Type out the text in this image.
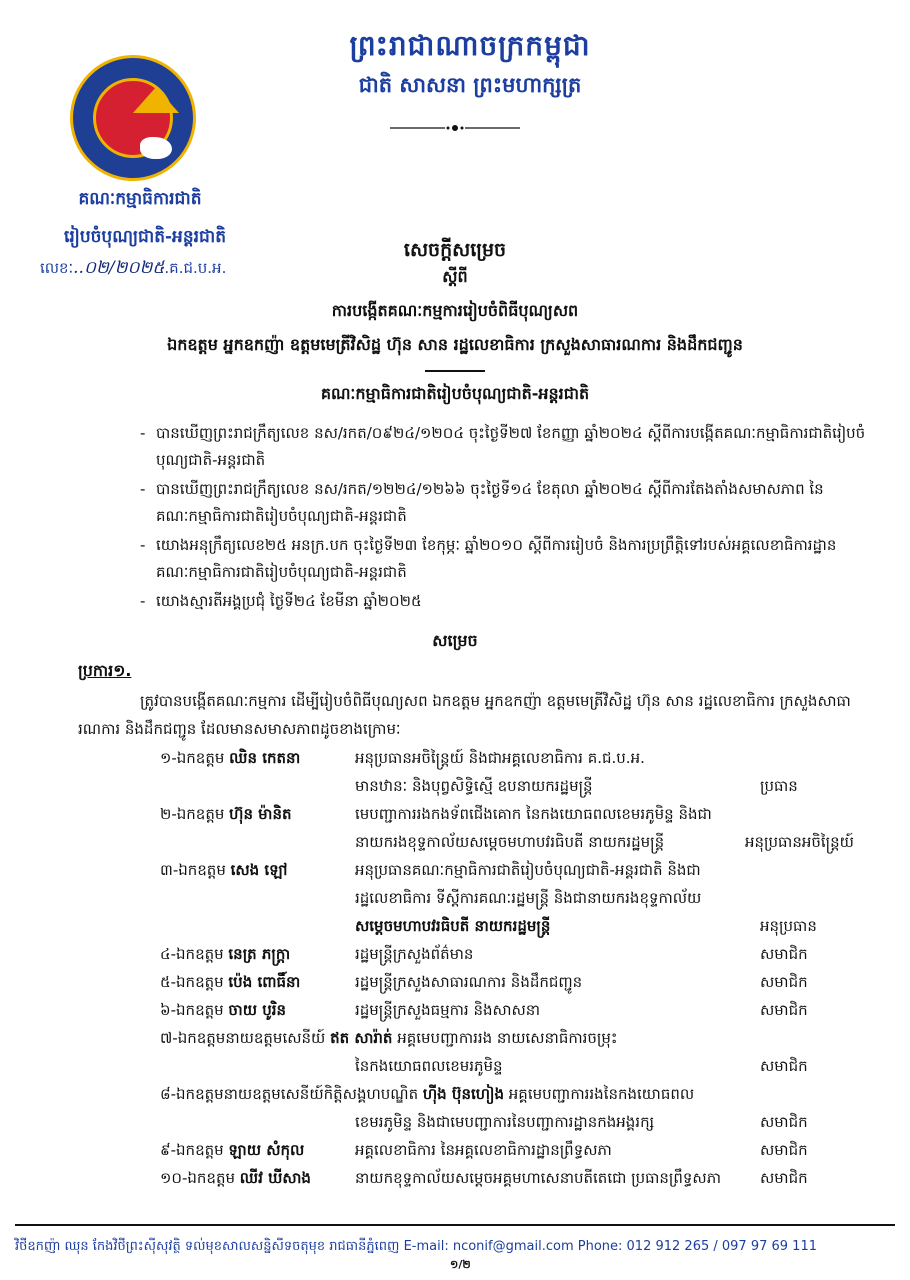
ព្រះរាជាណាចក្រកម្ពុជា
ជាតិ សាសនា ព្រះមហាក្សត្រ
គណៈកម្មាធិការជាតិ
រៀបចំបុណ្យជាតិ-អន្តរជាតិ
លេខៈ..០២/២០២៥.គ.ជ.ប.អ.
សេចក្តីសម្រេច
ស្តីពី
ការបង្កើតគណៈកម្មការរៀបចំពិធីបុណ្យសព
ឯកឧត្តម អ្នកឧកញ៉ា ឧត្តមមេត្រីវិសិដ្ឋ ហ៊ុន សាន រដ្ឋលេខាធិការ ក្រសួងសាធារណការ និងដឹកជញ្ជូន
គណៈកម្មាធិការជាតិរៀបចំបុណ្យជាតិ-អន្តរជាតិ
- បានឃើញព្រះរាជក្រឹត្យលេខ នស/រកត/០៩២៤/១២០៤ ចុះថ្ងៃទី២៧ ខែកញ្ញា ឆ្នាំ២០២៤ ស្តីពីការបង្កើតគណៈកម្មាធិការជាតិរៀបចំបុណ្យជាតិ-អន្តរជាតិ
- បានឃើញព្រះរាជក្រឹត្យលេខ នស/រកត/១២២៤/១២៦៦ ចុះថ្ងៃទី១៤ ខែតុលា ឆ្នាំ២០២៤ ស្តីពីការតែងតាំងសមាសភាព នៃគណៈកម្មាធិការជាតិរៀបចំបុណ្យជាតិ-អន្តរជាតិ
- យោងអនុក្រឹត្យលេខ២៥ អនក្រ.បក ចុះថ្ងៃទី២៣ ខែកុម្ភៈ ឆ្នាំ២០១០ ស្តីពីការរៀបចំ និងការប្រព្រឹត្តិទៅរបស់អគ្គលេខាធិការដ្ឋានគណៈកម្មាធិការជាតិរៀបចំបុណ្យជាតិ-អន្តរជាតិ
- យោងស្មារតីអង្គប្រជុំ ថ្ងៃទី២៤ ខែមីនា ឆ្នាំ២០២៥
សម្រេច
ប្រការ១.
ត្រូវបានបង្កើតគណៈកម្មការ ដើម្បីរៀបចំពិធីបុណ្យសព ឯកឧត្តម អ្នកឧកញ៉ា ឧត្តមមេត្រីវិសិដ្ឋ ហ៊ុន សាន រដ្ឋលេខាធិការ ក្រសួងសាធារណការ និងដឹកជញ្ជូន ដែលមានសមាសភាពដូចខាងក្រោមៈ
១-ឯកឧត្តម ឈិន កេតនា	អនុប្រធានអចិន្ត្រៃយ៍ និងជាអគ្គលេខាធិការ គ.ជ.ប.អ.
មានឋានៈ និងបុព្វសិទ្ធិស្មើ ឧបនាយករដ្ឋមន្ត្រី	ប្រធាន
២-ឯកឧត្តម ហ៊ុន ម៉ានិត	មេបញ្ជាការរងកងទ័ពជើងគោក នៃកងយោធពលខេមរភូមិន្ទ និងជា
នាយករងខុទ្ទកាល័យសម្តេចមហាបវរធិបតី នាយករដ្ឋមន្ត្រី	អនុប្រធានអចិន្ត្រៃយ៍
៣-ឯកឧត្តម សេង ឡៅ	អនុប្រធានគណៈកម្មាធិការជាតិរៀបចំបុណ្យជាតិ-អន្តរជាតិ និងជា
រដ្ឋលេខាធិការ ទីស្តីការគណៈរដ្ឋមន្ត្រី និងជានាយករងខុទ្ទកាល័យ
សម្តេចមហាបវរធិបតី នាយករដ្ឋមន្ត្រី	អនុប្រធាន
៤-ឯកឧត្តម នេត្រ ភក្ត្រា	រដ្ឋមន្ត្រីក្រសួងព័ត៌មាន	សមាជិក
៥-ឯកឧត្តម ប៉េង ពោធិ៍នា	រដ្ឋមន្ត្រីក្រសួងសាធារណការ និងដឹកជញ្ជូន	សមាជិក
៦-ឯកឧត្តម ចាយ បូរិន	រដ្ឋមន្ត្រីក្រសួងធម្មការ និងសាសនា	សមាជិក
៧-ឯកឧត្តមនាយឧត្តមសេនីយ៍ ឥត សារ៉ាត់ អគ្គមេបញ្ជាការរង នាយសេនាធិការចម្រុះ
នៃកងយោធពលខេមរភូមិន្ទ	សមាជិក
៨-ឯកឧត្តមនាយឧត្តមសេនីយ៍កិត្តិសង្គហបណ្ឌិត ហ៊ីង ប៊ុនហៀង អគ្គមេបញ្ជាការរងនៃកងយោធពល
ខេមរភូមិន្ទ និងជាមេបញ្ជាការនៃបញ្ជាការដ្ឋានកងអង្គរក្ស	សមាជិក
៩-ឯកឧត្តម ឡាយ សំកុល	អគ្គលេខាធិការ នៃអគ្គលេខាធិការដ្ឋានព្រឹទ្ធសភា	សមាជិក
១០-ឯកឧត្តម ឈីវ ឃីសាង	នាយកខុទ្ទកាល័យសម្តេចអគ្គមហាសេនាបតីតេជោ ប្រធានព្រឹទ្ធសភា	សមាជិក
វិថីឧកញ៉ា ឈុន កែងវិថីព្រះស៊ីសុវត្ថិ ទល់មុខសាលសន្និសីទចតុមុខ រាជធានីភ្នំពេញ E-mail: nconif@gmail.com Phone: 012 912 265 / 097 97 69 111
១/២
